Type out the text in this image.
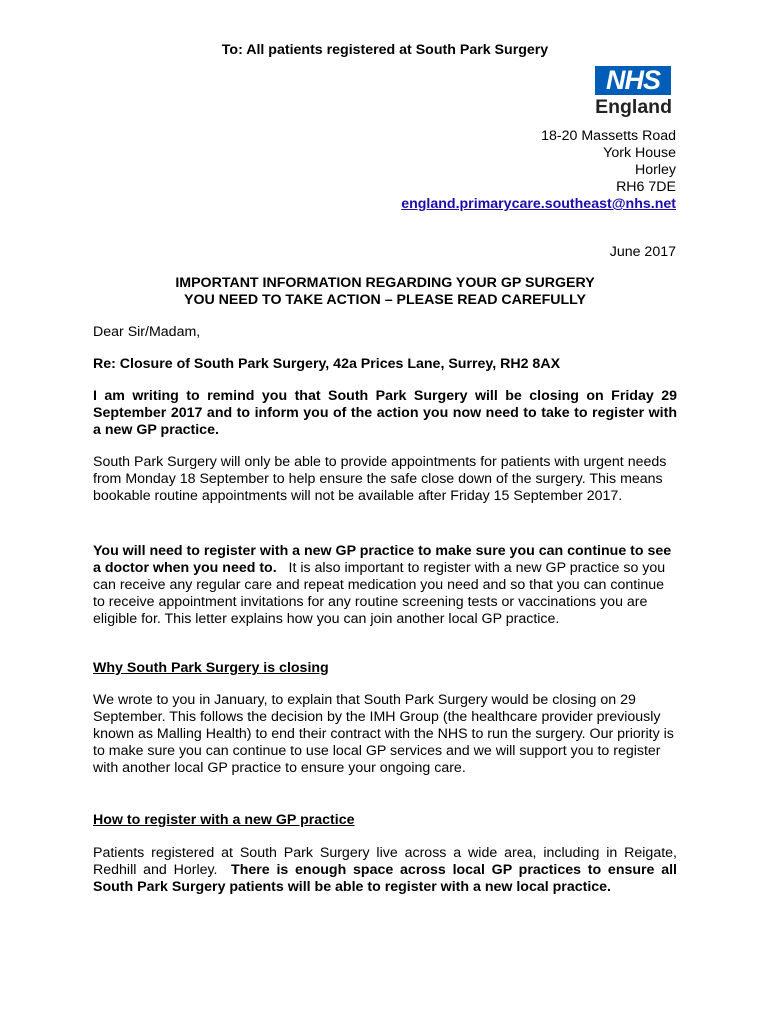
To: All patients registered at South Park Surgery
NHS
England
18-20 Massetts Road
York House
Horley
RH6 7DE
england.primarycare.southeast@nhs.net
June 2017
IMPORTANT INFORMATION REGARDING YOUR GP SURGERY
YOU NEED TO TAKE ACTION – PLEASE READ CAREFULLY
Dear Sir/Madam,
Re: Closure of South Park Surgery, 42a Prices Lane, Surrey, RH2 8AX
I am writing to remind you that South Park Surgery will be closing on Friday 29 September 2017 and to inform you of the action you now need to take to register with a new GP practice.
South Park Surgery will only be able to provide appointments for patients with urgent needs from Monday 18 September to help ensure the safe close down of the surgery. This means bookable routine appointments will not be available after Friday 15 September 2017.
You will need to register with a new GP practice to make sure you can continue to see a doctor when you need to. It is also important to register with a new GP practice so you can receive any regular care and repeat medication you need and so that you can continue to receive appointment invitations for any routine screening tests or vaccinations you are eligible for. This letter explains how you can join another local GP practice.
Why South Park Surgery is closing
We wrote to you in January, to explain that South Park Surgery would be closing on 29 September. This follows the decision by the IMH Group (the healthcare provider previously known as Malling Health) to end their contract with the NHS to run the surgery. Our priority is to make sure you can continue to use local GP services and we will support you to register with another local GP practice to ensure your ongoing care.
How to register with a new GP practice
Patients registered at South Park Surgery live across a wide area, including in Reigate, Redhill and Horley. There is enough space across local GP practices to ensure all South Park Surgery patients will be able to register with a new local practice.
